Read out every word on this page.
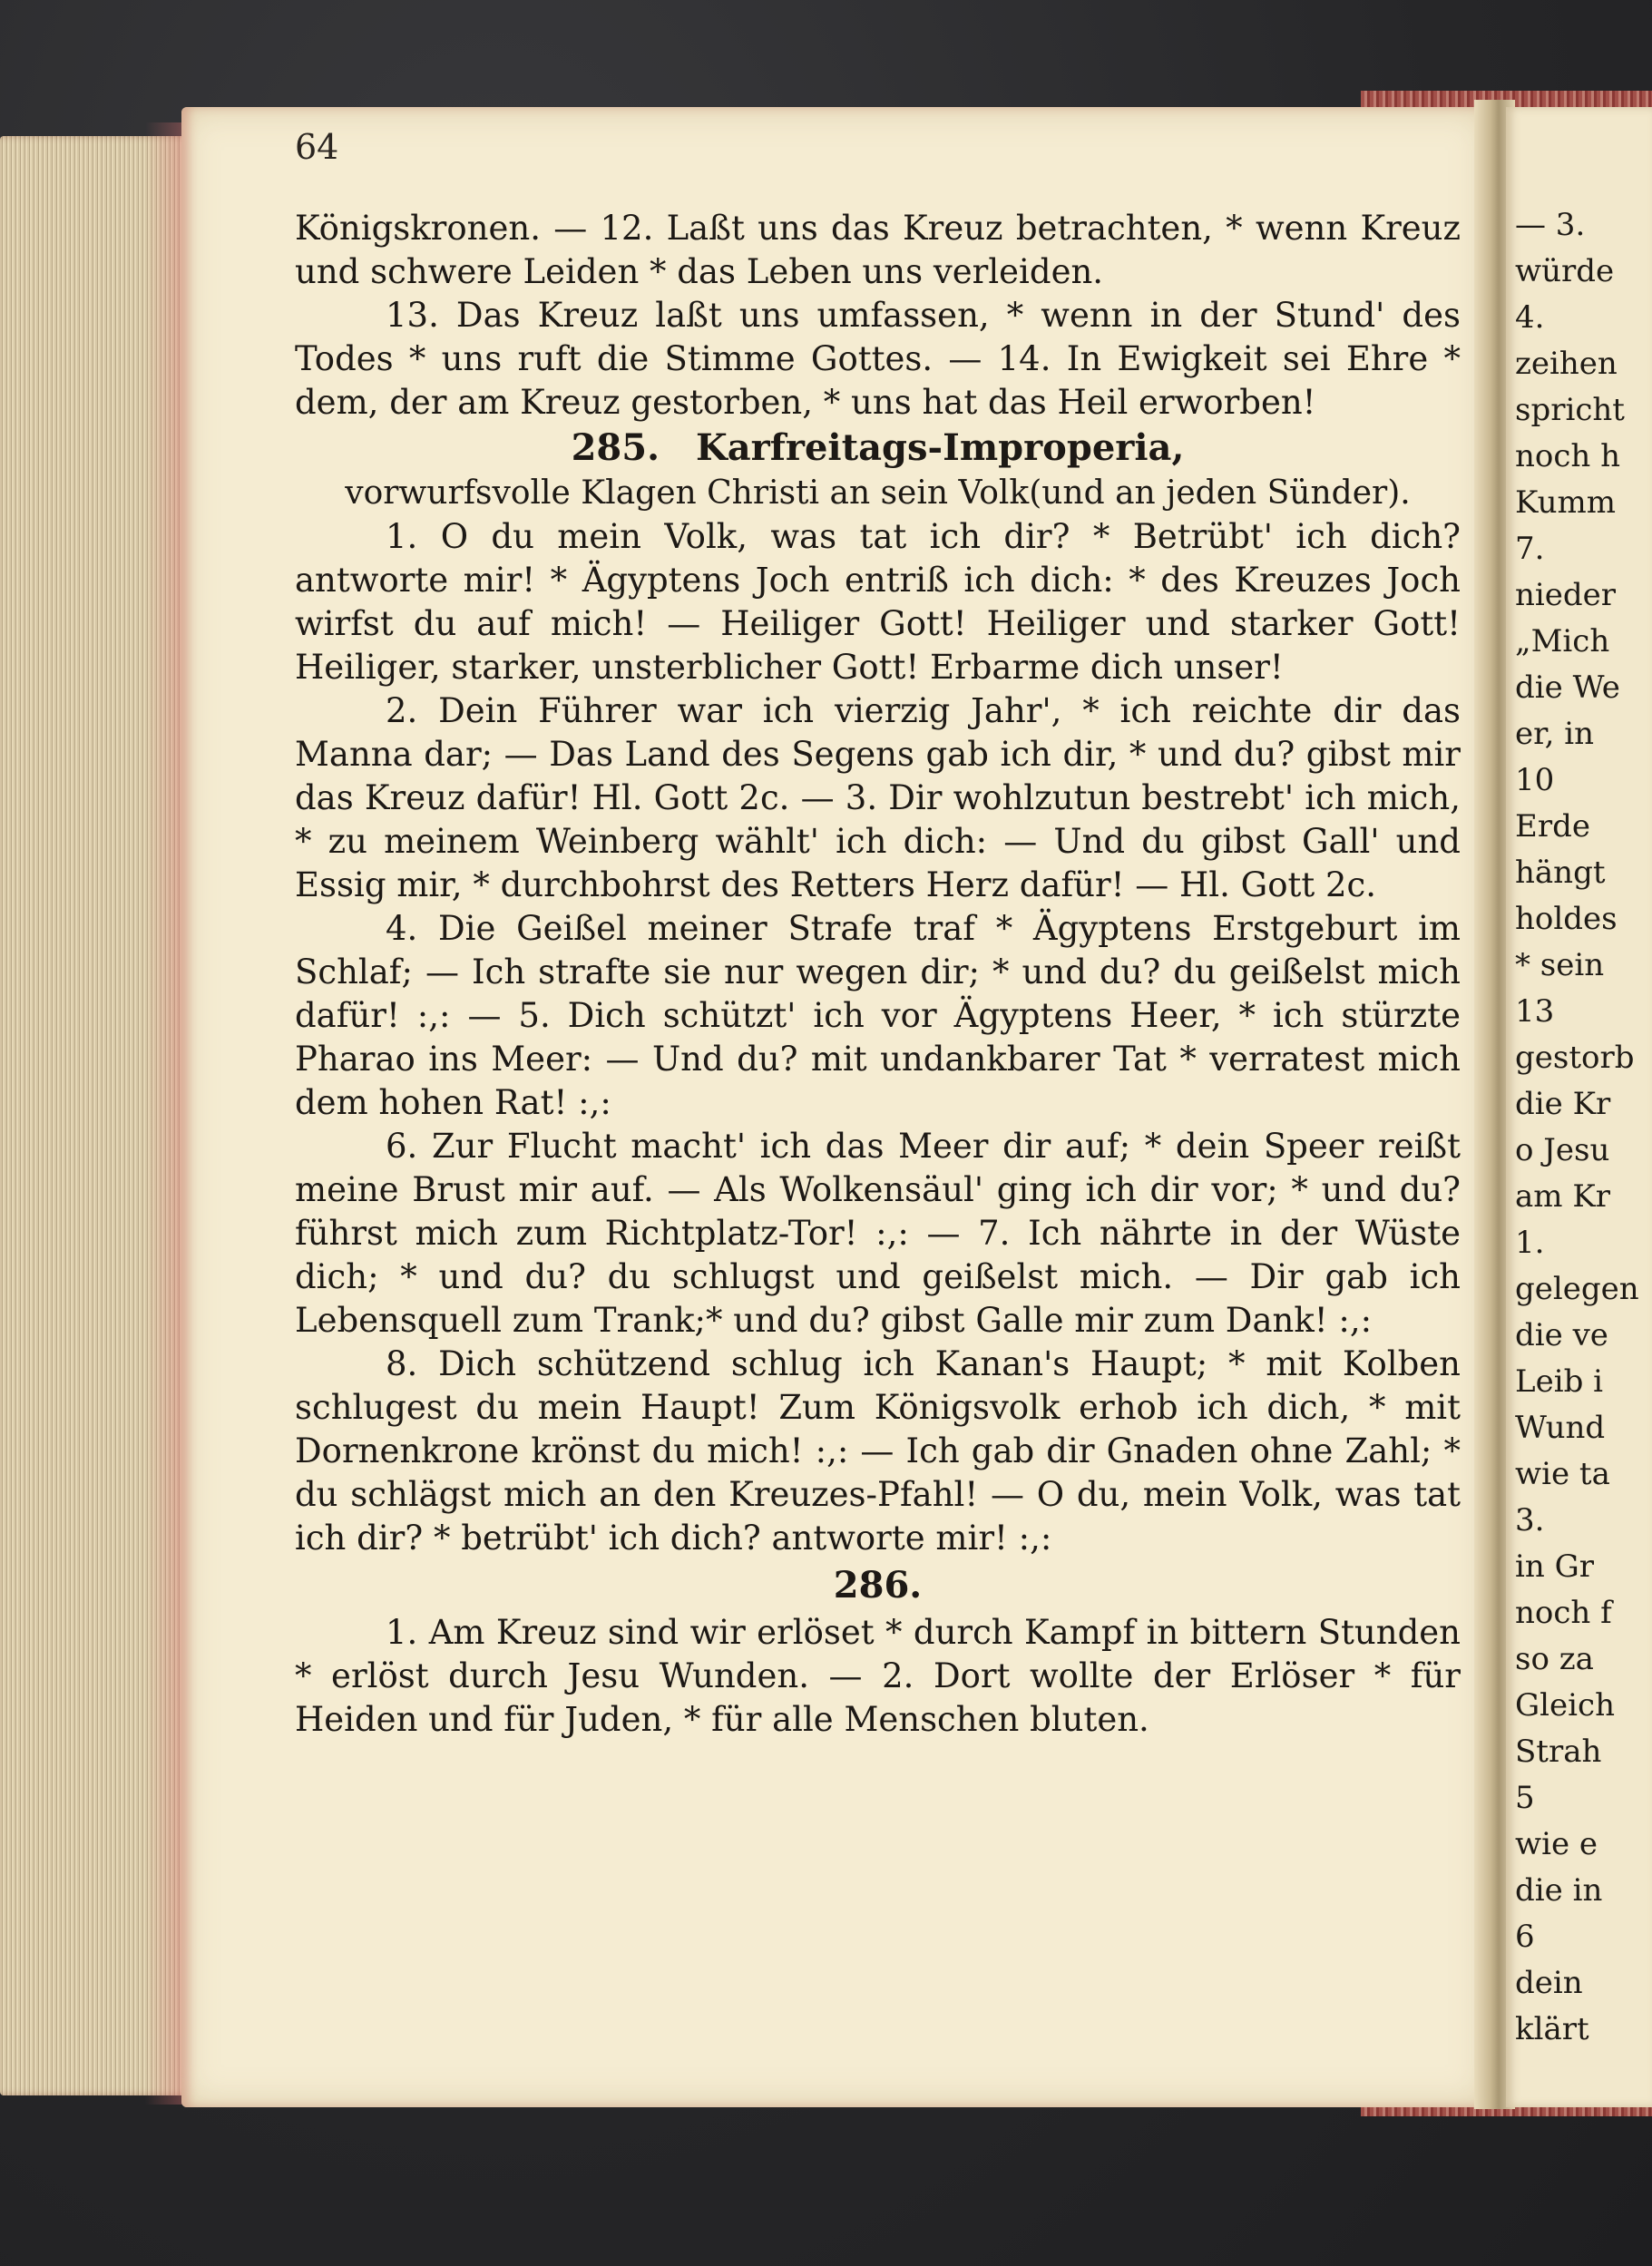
— 3.
würde
4.
zeihen
spricht
noch h
Kumm
7.
nieder
„Mich
die We
er, in
10
Erde
hängt
holdes
* sein
13
gestorb
die Kr
o Jesu
am Kr
1.
gelegen
die ve
Leib i
Wund
wie ta
3.
in Gr
noch f
so za
Gleich
Strah
5
wie e
die in
6
dein
klärt
64

Königskronen. — 12. Laßt uns das Kreuz betrachten, * wenn Kreuz und schwere Leiden * das Leben uns verleiden.

13. Das Kreuz laßt uns umfassen, * wenn in der Stund' des Todes * uns ruft die Stimme Gottes. — 14. In Ewigkeit sei Ehre * dem, der am Kreuz gestorben, * uns hat das Heil erworben!

285. Karfreitags-Improperia,
vorwurfsvolle Klagen Christi an sein Volk(und an jeden Sünder).

1. O du mein Volk, was tat ich dir? * Betrübt' ich dich? antworte mir! * Ägyptens Joch entriß ich dich: * des Kreuzes Joch wirfst du auf mich! — Heiliger Gott! Heiliger und starker Gott! Heiliger, starker, unsterblicher Gott! Erbarme dich unser!

2. Dein Führer war ich vierzig Jahr', * ich reichte dir das Manna dar; — Das Land des Segens gab ich dir, * und du? gibst mir das Kreuz dafür! Hl. Gott 2c. — 3. Dir wohlzutun bestrebt' ich mich, * zu meinem Weinberg wählt' ich dich: — Und du gibst Gall' und Essig mir, * durchbohrst des Retters Herz dafür! — Hl. Gott 2c.

4. Die Geißel meiner Strafe traf * Ägyptens Erstgeburt im Schlaf; — Ich strafte sie nur wegen dir; * und du? du geißelst mich dafür! :,: — 5. Dich schützt' ich vor Ägyptens Heer, * ich stürzte Pharao ins Meer: — Und du? mit undankbarer Tat * verratest mich dem hohen Rat! :,:

6. Zur Flucht macht' ich das Meer dir auf; * dein Speer reißt meine Brust mir auf. — Als Wolkensäul' ging ich dir vor; * und du? führst mich zum Richtplatz-Tor! :,: — 7. Ich nährte in der Wüste dich; * und du? du schlugst und geißelst mich. — Dir gab ich Lebensquell zum Trank;* und du? gibst Galle mir zum Dank! :,:

8. Dich schützend schlug ich Kanan's Haupt; * mit Kolben schlugest du mein Haupt! Zum Königsvolk erhob ich dich, * mit Dornenkrone krönst du mich! :,: — Ich gab dir Gnaden ohne Zahl; * du schlägst mich an den Kreuzes-Pfahl! — O du, mein Volk, was tat ich dir? * betrübt' ich dich? antworte mir! :,:

286.

1. Am Kreuz sind wir erlöset * durch Kampf in bittern Stunden * erlöst durch Jesu Wunden. — 2. Dort wollte der Erlöser * für Heiden und für Juden, * für alle Menschen bluten.
